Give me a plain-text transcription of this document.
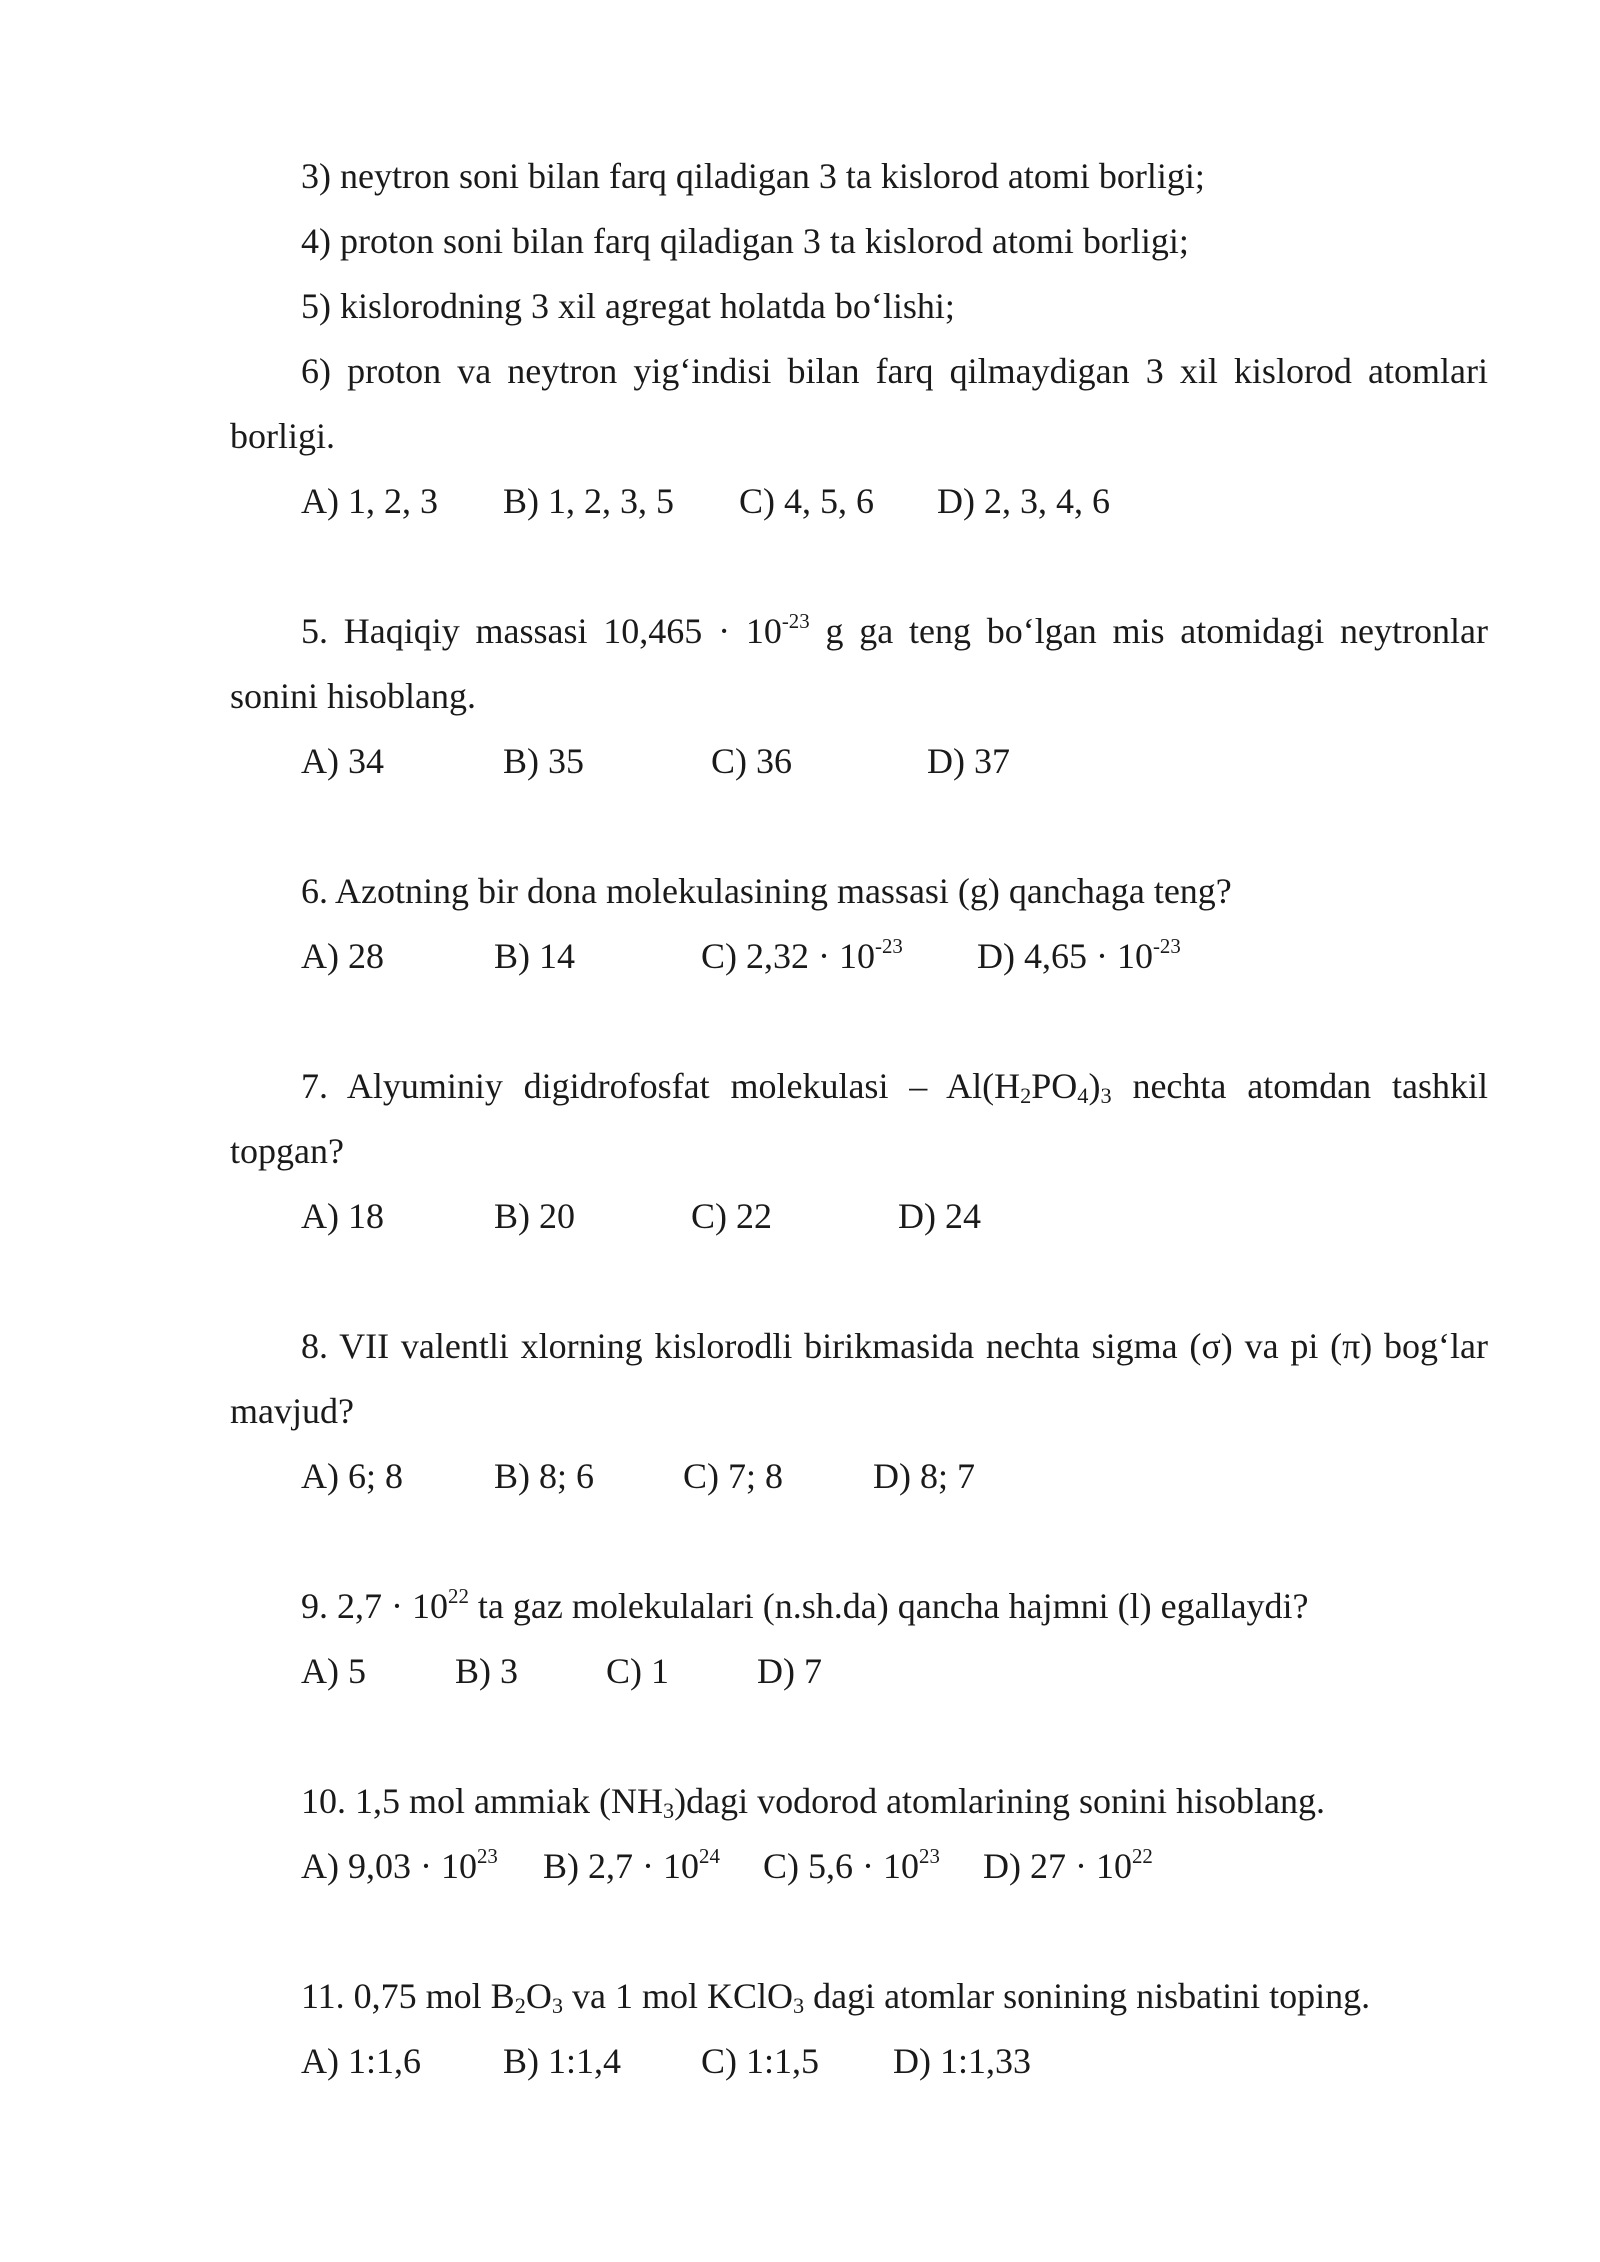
3) neytron soni bilan farq qiladigan 3 ta kislorod atomi borligi;
4) proton soni bilan farq qiladigan 3 ta kislorod atomi borligi;
5) kislorodning 3 xil agregat holatda bo‘lishi;
6) proton va neytron yig‘indisi bilan farq qilmaydigan 3 xil kislorod atomlari
borligi.
A) 1, 2, 3 B) 1, 2, 3, 5 C) 4, 5, 6 D) 2, 3, 4, 6
5. Haqiqiy massasi $10,465 \cdot 10^{-23}$ g ga teng bo‘lgan mis atomidagi neytronlar
sonini hisoblang.
A) 34	B) 35	C) 36	D) 37
6. Azotning bir dona molekulasining massasi (g) qanchaga teng?
A) 28	B) 14	C) $2,32 \cdot 10^{-23}$ D) $4,65 \cdot 10^{-23}$
7. Alyuminiy digidrofosfat molekulasi – $Al(H_2PO_4)_3$ nechta atomdan tashkil
topgan?
A) 18	B) 20	C) 22	D) 24
8. VII valentli xlorning kislorodli birikmasida nechta sigma (σ) va pi (π) bog‘lar
mavjud?
A) 6; 8	B) 8; 6 C) 7; 8 D) 8; 7
9. $2,7 \cdot 10^{22}$ ta gaz molekulalari (n.sh.da) qancha hajmni (l) egallaydi?
A) 5 B) 3 C) 1 D) 7
10. 1,5 mol ammiak $(NH_3)dagi$ vodorod atomlarining sonini hisoblang.
A) $9,03 \cdot 10^{23}$ B) $2,7 \cdot 10^{24}$ C) $5,6 \cdot 10^{23}$ D) $27 \cdot 10^{22}$
11. 0,75 mol $B_2O_3$ va 1 mol KClO$_3$ dagi atomlar sonining nisbatini toping.
A) 1:1,6 B) 1:1,4 C) 1:1,5 D) 1:1,33
